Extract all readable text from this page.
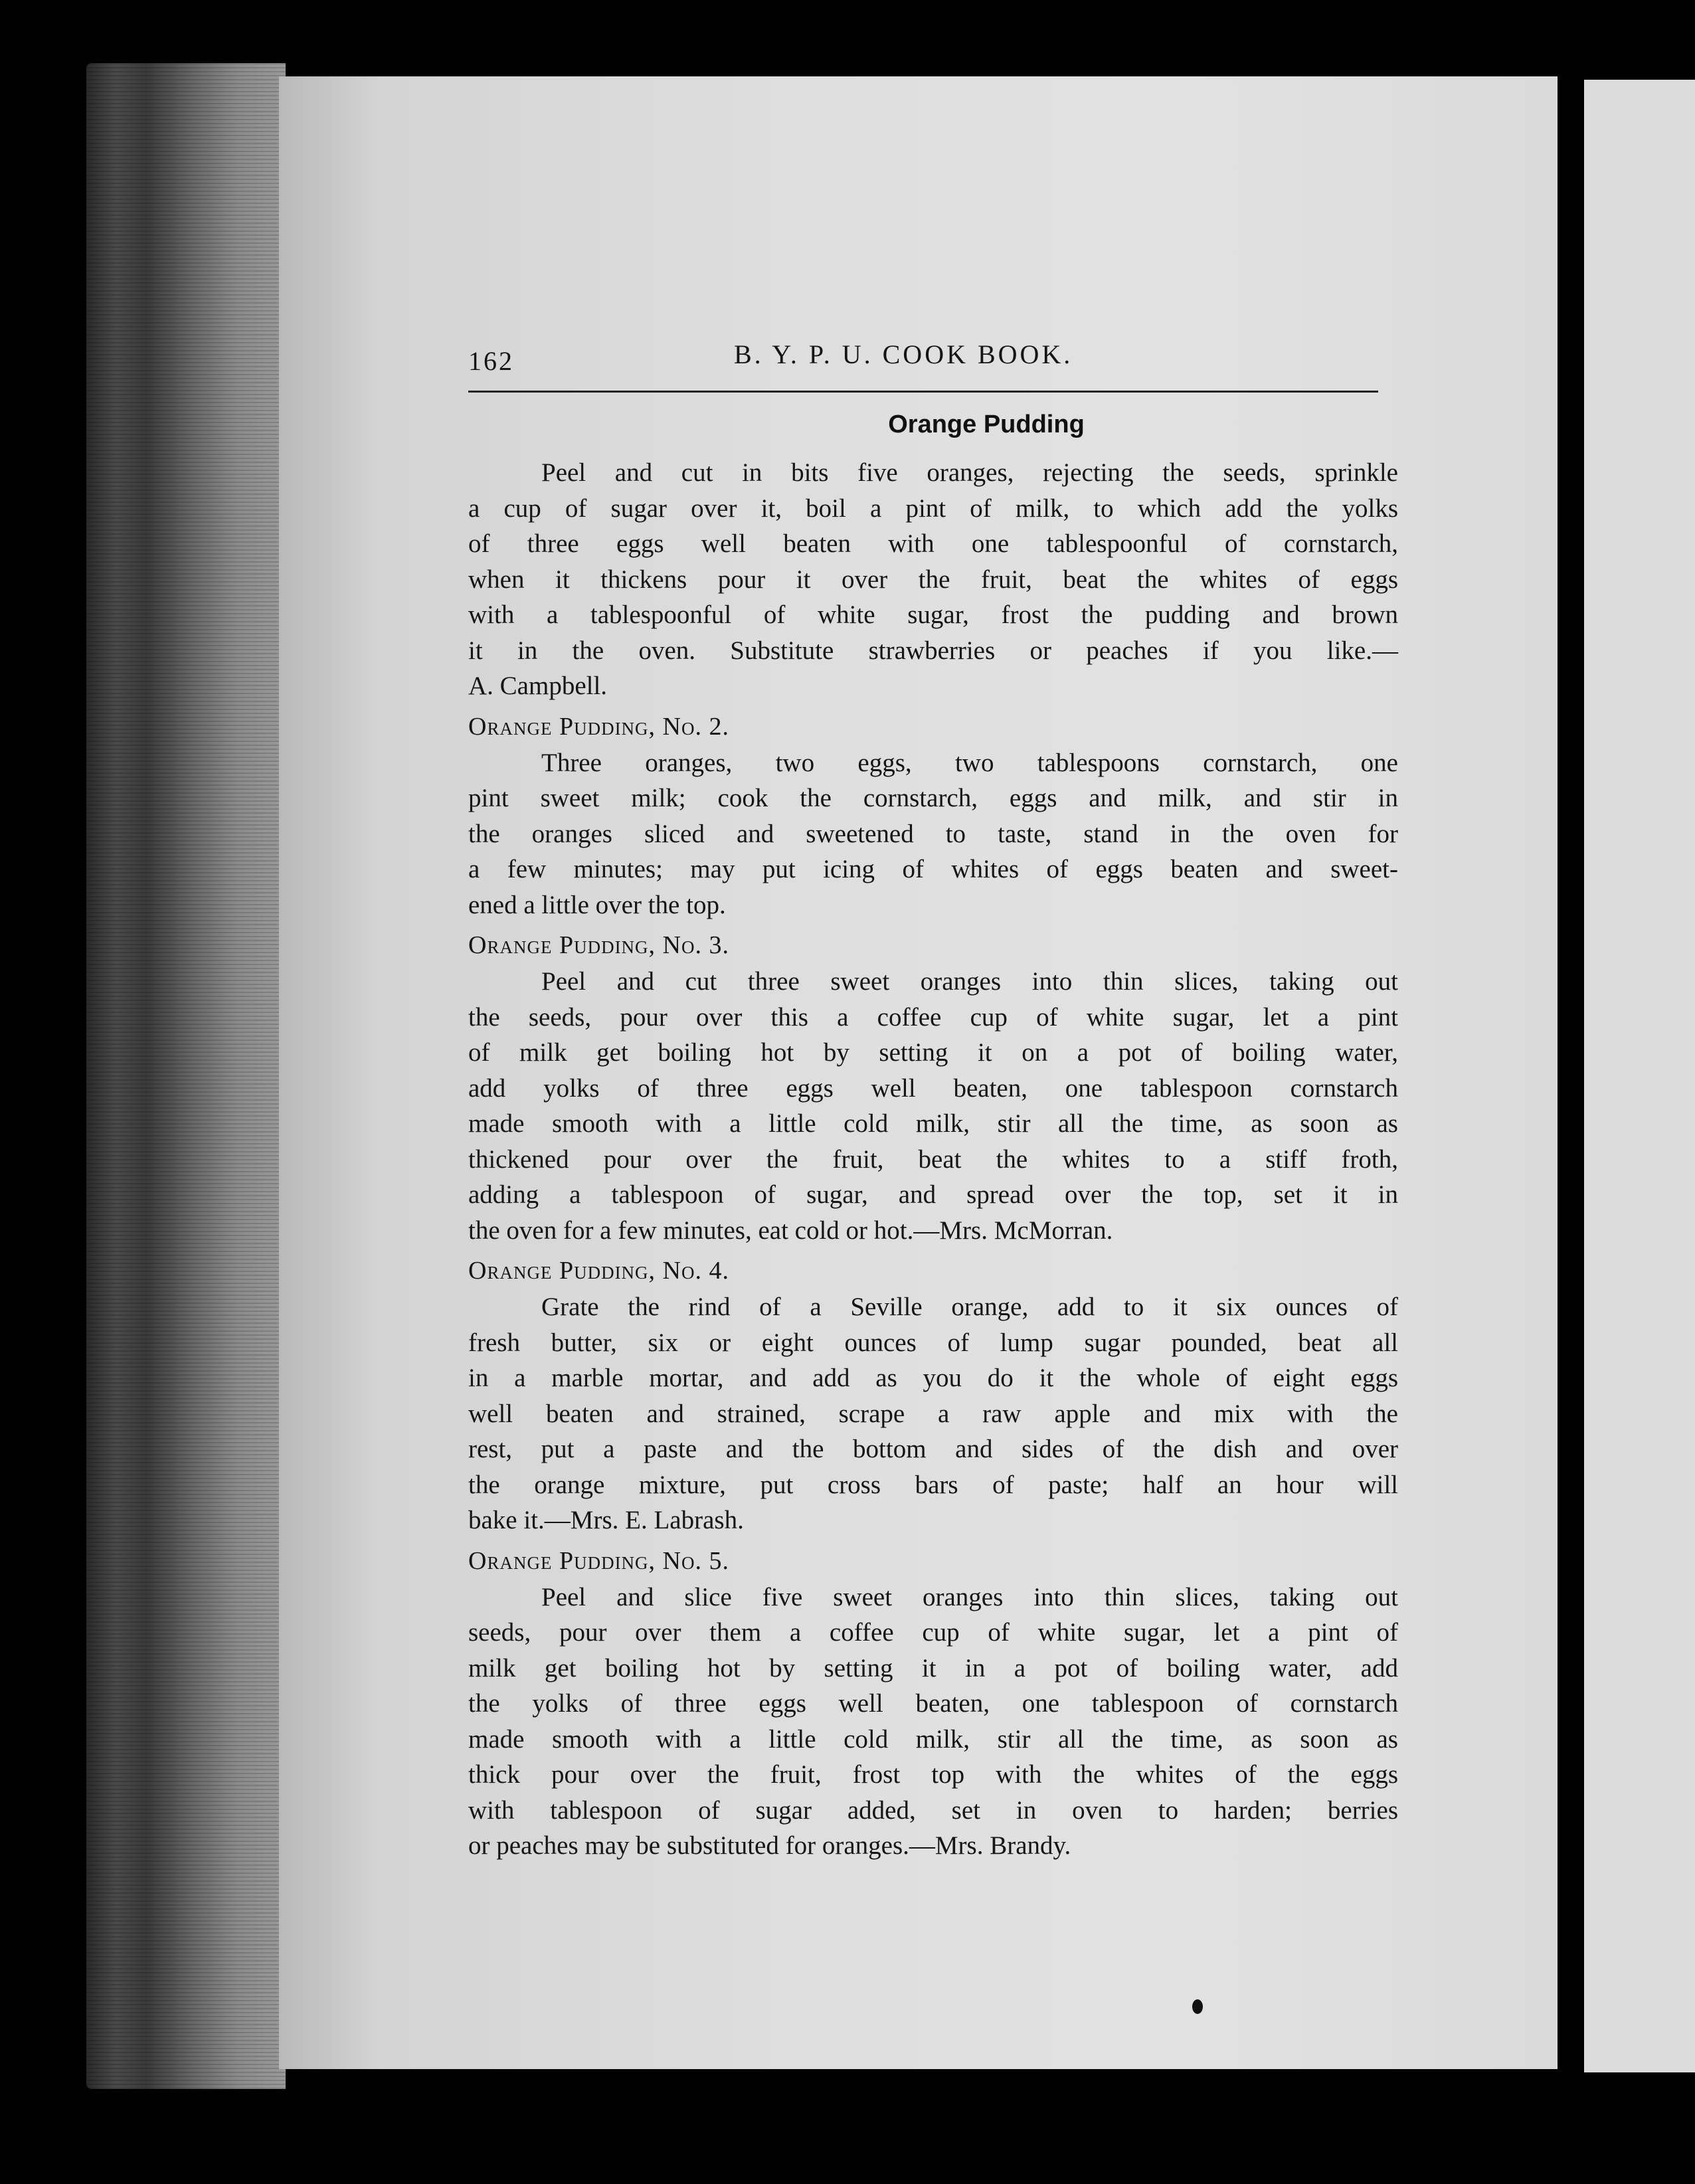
162	B. Y. P. U. COOK BOOK.
Orange Pudding

Peel and cut in bits five oranges, rejecting the seeds, sprinkle
a cup of sugar over it, boil a pint of milk, to which add the yolks
of three eggs well beaten with one tablespoonful of cornstarch,
when it thickens pour it over the fruit, beat the whites of eggs
with a tablespoonful of white sugar, frost the pudding and brown
it in the oven. Substitute strawberries or peaches if you like.—
A. Campbell.

Orange Pudding, No. 2.

Three oranges, two eggs, two tablespoons cornstarch, one
pint sweet milk; cook the cornstarch, eggs and milk, and stir in
the oranges sliced and sweetened to taste, stand in the oven for
a few minutes; may put icing of whites of eggs beaten and sweet-
ened a little over the top.

Orange Pudding, No. 3.

Peel and cut three sweet oranges into thin slices, taking out
the seeds, pour over this a coffee cup of white sugar, let a pint
of milk get boiling hot by setting it on a pot of boiling water,
add yolks of three eggs well beaten, one tablespoon cornstarch
made smooth with a little cold milk, stir all the time, as soon as
thickened pour over the fruit, beat the whites to a stiff froth,
adding a tablespoon of sugar, and spread over the top, set it in
the oven for a few minutes, eat cold or hot.—Mrs. McMorran.

Orange Pudding, No. 4.

Grate the rind of a Seville orange, add to it six ounces of
fresh butter, six or eight ounces of lump sugar pounded, beat all
in a marble mortar, and add as you do it the whole of eight eggs
well beaten and strained, scrape a raw apple and mix with the
rest, put a paste and the bottom and sides of the dish and over
the orange mixture, put cross bars of paste; half an hour will
bake it.—Mrs. E. Labrash.

Orange Pudding, No. 5.

Peel and slice five sweet oranges into thin slices, taking out
seeds, pour over them a coffee cup of white sugar, let a pint of
milk get boiling hot by setting it in a pot of boiling water, add
the yolks of three eggs well beaten, one tablespoon of cornstarch
made smooth with a little cold milk, stir all the time, as soon as
thick pour over the fruit, frost top with the whites of the eggs
with tablespoon of sugar added, set in oven to harden; berries
or peaches may be substituted for oranges.—Mrs. Brandy.
